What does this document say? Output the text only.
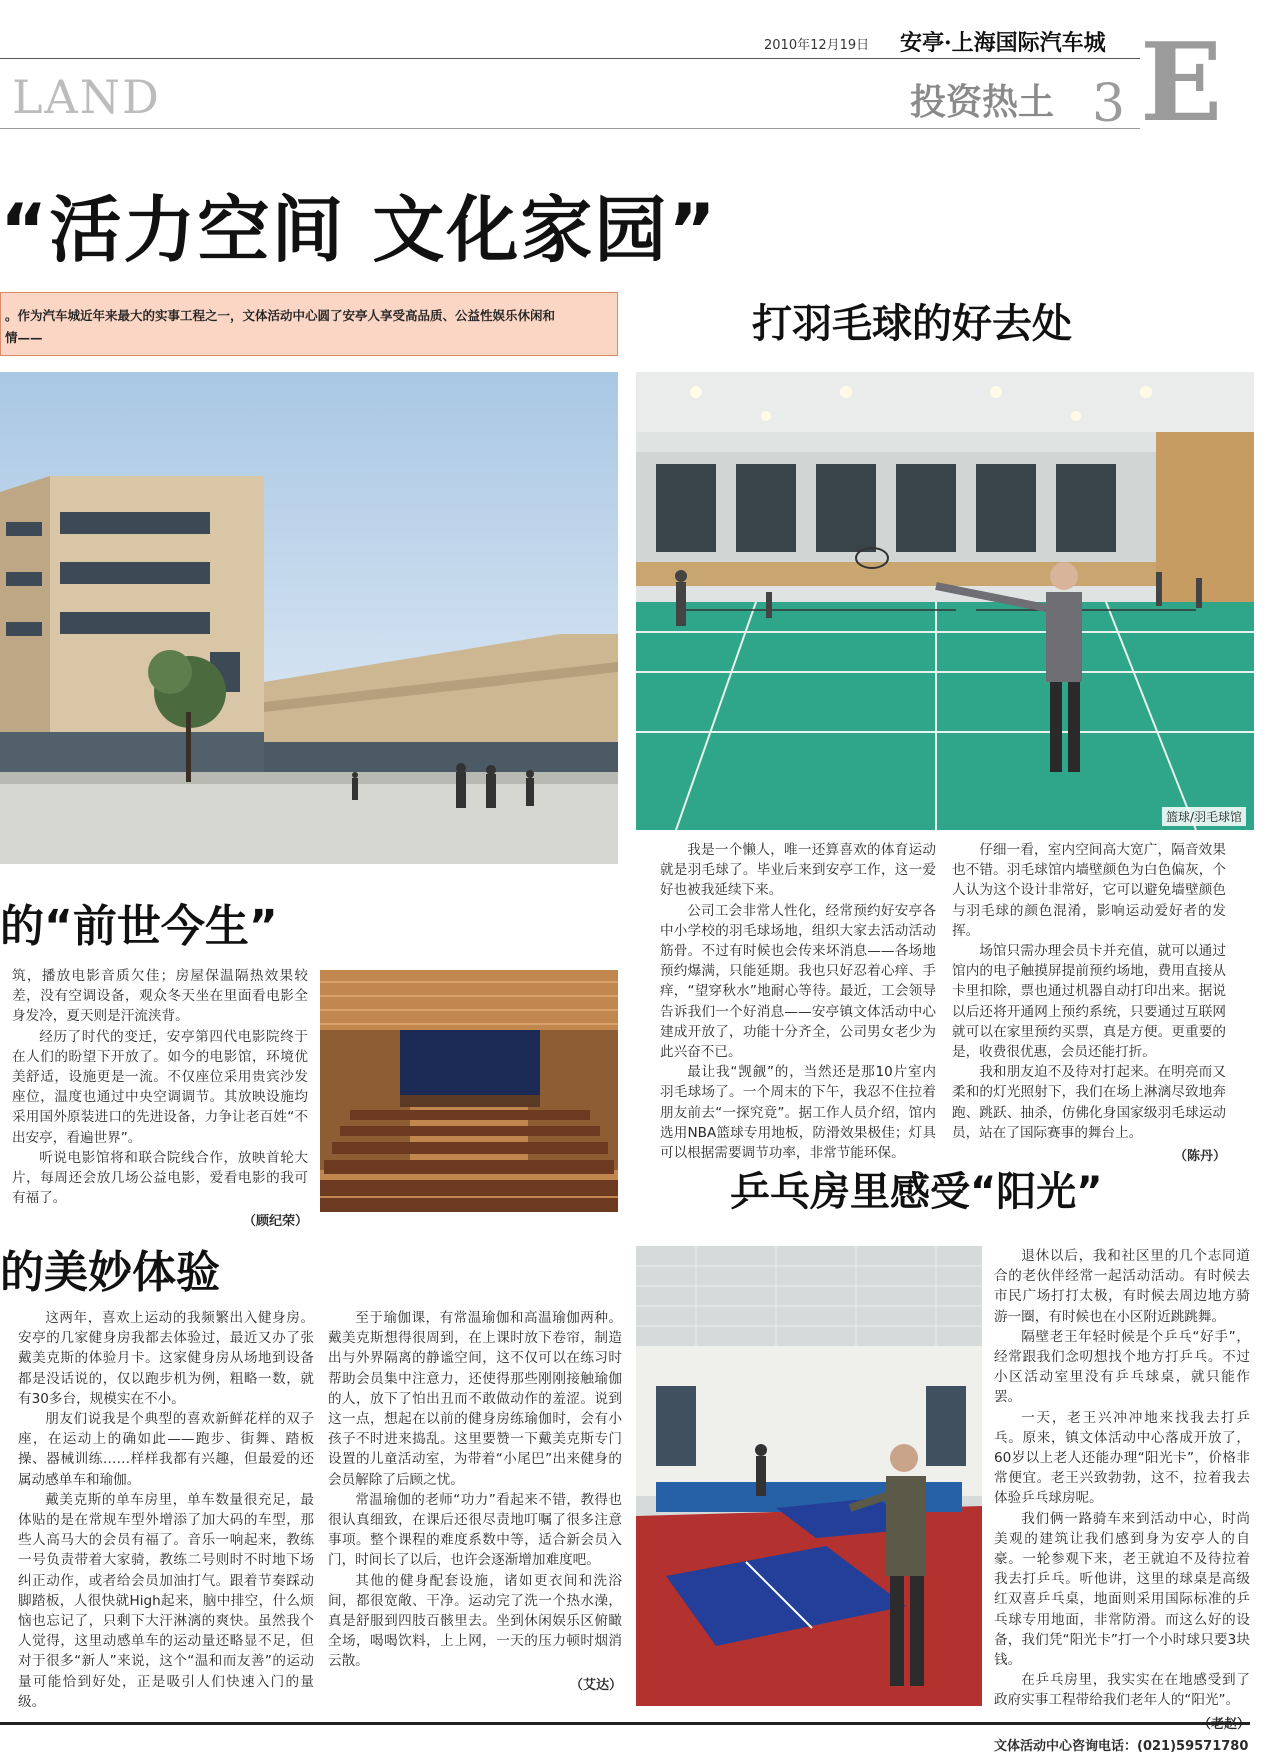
2010年12月19日 安亭·上海国际汽车城
LAND	投资热土 3 E
“活力空间 文化家园”
。作为汽车城近年来最大的实事工程之一，文体活动中心圆了安亭人享受高品质、公益性娱乐休闲和
情——
的“前世今生”

筑，播放电影音质欠佳；房屋保温隔热效果较差，没有空调设备，观众冬天坐在里面看电影全身发冷，夏天则是汗流浃背。

经历了时代的变迁，安亭第四代电影院终于在人们的盼望下开放了。如今的电影馆，环境优美舒适，设施更是一流。不仅座位采用贵宾沙发座位，温度也通过中央空调调节。其放映设施均采用国外原装进口的先进设备，力争让老百姓“不出安亭，看遍世界”。

听说电影馆将和联合院线合作，放映首轮大片，每周还会放几场公益电影，爱看电影的我可有福了。

（顾纪荣）
打羽毛球的好去处
篮球/羽毛球馆

我是一个懒人，唯一还算喜欢的体育运动就是羽毛球了。毕业后来到安亭工作，这一爱好也被我延续下来。

公司工会非常人性化，经常预约好安亭各中小学校的羽毛球场地，组织大家去活动活动筋骨。不过有时候也会传来坏消息——各场地预约爆满，只能延期。我也只好忍着心痒、手痒，“望穿秋水”地耐心等待。最近，工会领导告诉我们一个好消息——安亭镇文体活动中心建成开放了，功能十分齐全，公司男女老少为此兴奋不已。

最让我“觊觎”的，当然还是那10片室内羽毛球场了。一个周末的下午，我忍不住拉着朋友前去“一探究竟”。据工作人员介绍，馆内选用NBA篮球专用地板，防滑效果极佳；灯具可以根据需要调节功率，非常节能环保。

仔细一看，室内空间高大宽广，隔音效果也不错。羽毛球馆内墙壁颜色为白色偏灰，个人认为这个设计非常好，它可以避免墙壁颜色与羽毛球的颜色混淆，影响运动爱好者的发挥。

场馆只需办理会员卡并充值，就可以通过馆内的电子触摸屏提前预约场地，费用直接从卡里扣除，票也通过机器自动打印出来。据说以后还将开通网上预约系统，只要通过互联网就可以在家里预约买票，真是方便。更重要的是，收费很优惠，会员还能打折。

我和朋友迫不及待对打起来。在明亮而又柔和的灯光照射下，我们在场上淋漓尽致地奔跑、跳跃、抽杀，仿佛化身国家级羽毛球运动员，站在了国际赛事的舞台上。

（陈丹）
乒乓房里感受“阳光”

退休以后，我和社区里的几个志同道合的老伙伴经常一起活动活动。有时候去市民广场打打太极，有时候去周边地方骑游一圈，有时候也在小区附近跳跳舞。

隔壁老王年轻时候是个乒乓“好手”，经常跟我们念叨想找个地方打乒乓。不过小区活动室里没有乒乓球桌，就只能作罢。

一天，老王兴冲冲地来找我去打乒乓。原来，镇文体活动中心落成开放了，60岁以上老人还能办理“阳光卡”，价格非常便宜。老王兴致勃勃，这不，拉着我去体验乒乓球房呢。

我们俩一路骑车来到活动中心，时尚美观的建筑让我们感到身为安亭人的自豪。一轮参观下来，老王就迫不及待拉着我去打乒乓。听他讲，这里的球桌是高级红双喜乒乓桌，地面则采用国际标准的乒乓球专用地面，非常防滑。而这么好的设备，我们凭“阳光卡”打一个小时球只要3块钱。

在乒乓房里，我实实在在地感受到了政府实事工程带给我们老年人的“阳光”。

（老赵）
文体活动中心咨询电话：(021)59571780
的美妙体验

这两年，喜欢上运动的我频繁出入健身房。安亭的几家健身房我都去体验过，最近又办了张戴美克斯的体验月卡。这家健身房从场地到设备都是没话说的，仅以跑步机为例，粗略一数，就有30多台，规模实在不小。

朋友们说我是个典型的喜欢新鲜花样的双子座，在运动上的确如此——跑步、街舞、踏板操、器械训练……样样我都有兴趣，但最爱的还属动感单车和瑜伽。

戴美克斯的单车房里，单车数量很充足，最体贴的是在常规车型外增添了加大码的车型，那些人高马大的会员有福了。音乐一响起来，教练一号负责带着大家骑，教练二号则时不时地下场纠正动作，或者给会员加油打气。跟着节奏踩动脚踏板，人很快就High起来，脑中排空，什么烦恼也忘记了，只剩下大汗淋漓的爽快。虽然我个人觉得，这里动感单车的运动量还略显不足，但对于很多“新人”来说，这个“温和而友善”的运动量可能恰到好处，正是吸引人们快速入门的量级。

至于瑜伽课，有常温瑜伽和高温瑜伽两种。戴美克斯想得很周到，在上课时放下卷帘，制造出与外界隔离的静谧空间，这不仅可以在练习时帮助会员集中注意力，还使得那些刚刚接触瑜伽的人，放下了怕出丑而不敢做动作的羞涩。说到这一点，想起在以前的健身房练瑜伽时，会有小孩子不时进来捣乱。这里要赞一下戴美克斯专门设置的儿童活动室，为带着“小尾巴”出来健身的会员解除了后顾之忧。

常温瑜伽的老师“功力”看起来不错，教得也很认真细致，在课后还很尽责地叮嘱了很多注意事项。整个课程的难度系数中等，适合新会员入门，时间长了以后，也许会逐渐增加难度吧。

其他的健身配套设施，诸如更衣间和洗浴间，都很宽敞、干净。运动完了洗一个热水澡，真是舒服到四肢百骸里去。坐到休闲娱乐区俯瞰全场，喝喝饮料，上上网，一天的压力顿时烟消云散。

（艾达）
